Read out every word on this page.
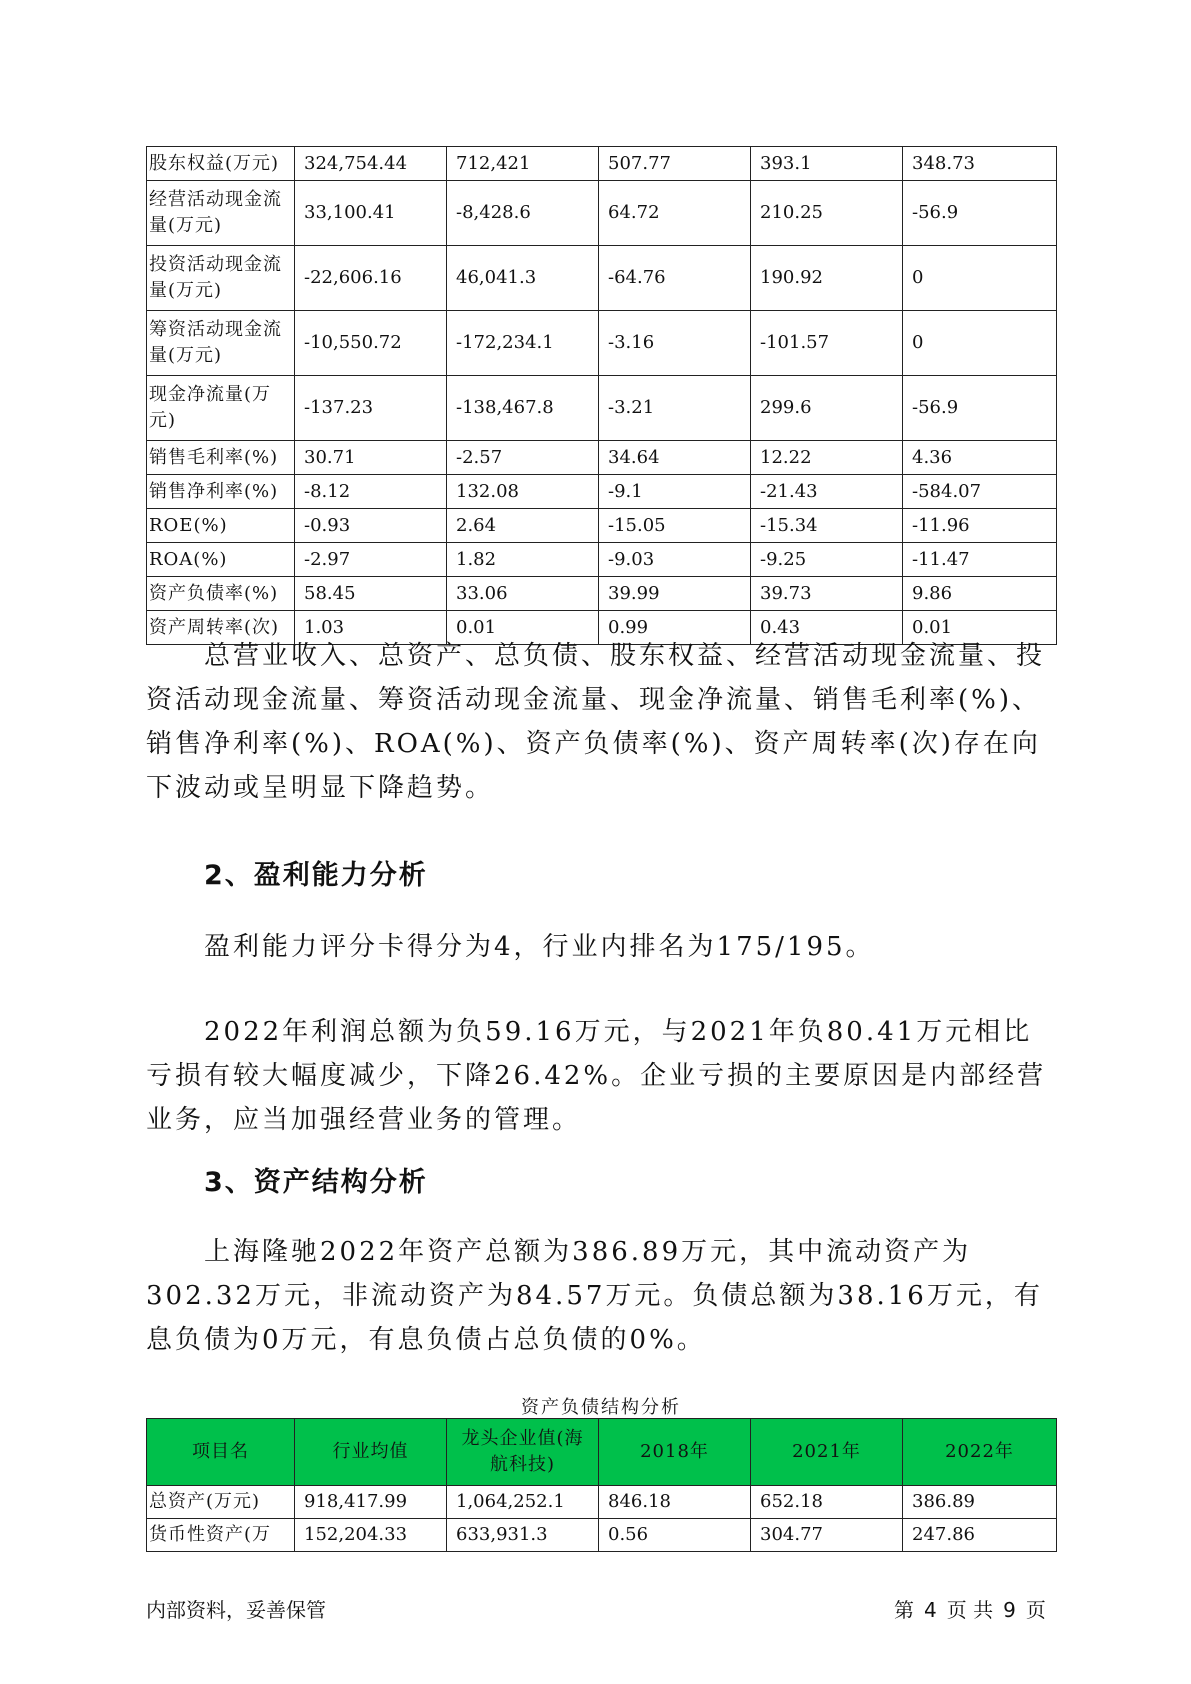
股东权益(万元)	324,754.44	712,421	507.77	393.1	348.73
经营活动现金流量(万元)	33,100.41	-8,428.6	64.72	210.25	-56.9
投资活动现金流量(万元)	-22,606.16	46,041.3	-64.76	190.92	0
筹资活动现金流量(万元)	-10,550.72	-172,234.1	-3.16	-101.57	0
现金净流量(万元)	-137.23	-138,467.8	-3.21	299.6	-56.9
销售毛利率(%)	30.71	-2.57	34.64	12.22	4.36
销售净利率(%)	-8.12	132.08	-9.1	-21.43	-584.07
ROE(%)	-0.93	2.64	-15.05	-15.34	-11.96
ROA(%)	-2.97	1.82	-9.03	-9.25	-11.47
资产负债率(%)	58.45	33.06	39.99	39.73	9.86
资产周转率(次)	1.03	0.01	0.99	0.43	0.01

总营业收入、总资产、总负债、股东权益、经营活动现金流量、投资活动现金流量、筹资活动现金流量、现金净流量、销售毛利率(%)、销售净利率(%)、ROA(%)、资产负债率(%)、资产周转率(次)存在向下波动或呈明显下降趋势。

2、盈利能力分析

盈利能力评分卡得分为4，行业内排名为175/195。

2022年利润总额为负59.16万元，与2021年负80.41万元相比亏损有较大幅度减少，下降26.42%。企业亏损的主要原因是内部经营业务，应当加强经营业务的管理。

3、资产结构分析

上海隆驰2022年资产总额为386.89万元，其中流动资产为302.32万元，非流动资产为84.57万元。负债总额为38.16万元，有息负债为0万元，有息负债占总负债的0%。

资产负债结构分析

项目名	行业均值	龙头企业值(海航科技)	2018年	2021年	2022年
总资产(万元)	918,417.99	1,064,252.1	846.18	652.18	386.89
货币性资产(万	152,204.33	633,931.3	0.56	304.77	247.86
内部资料，妥善保管	第 4 页 共 9 页
